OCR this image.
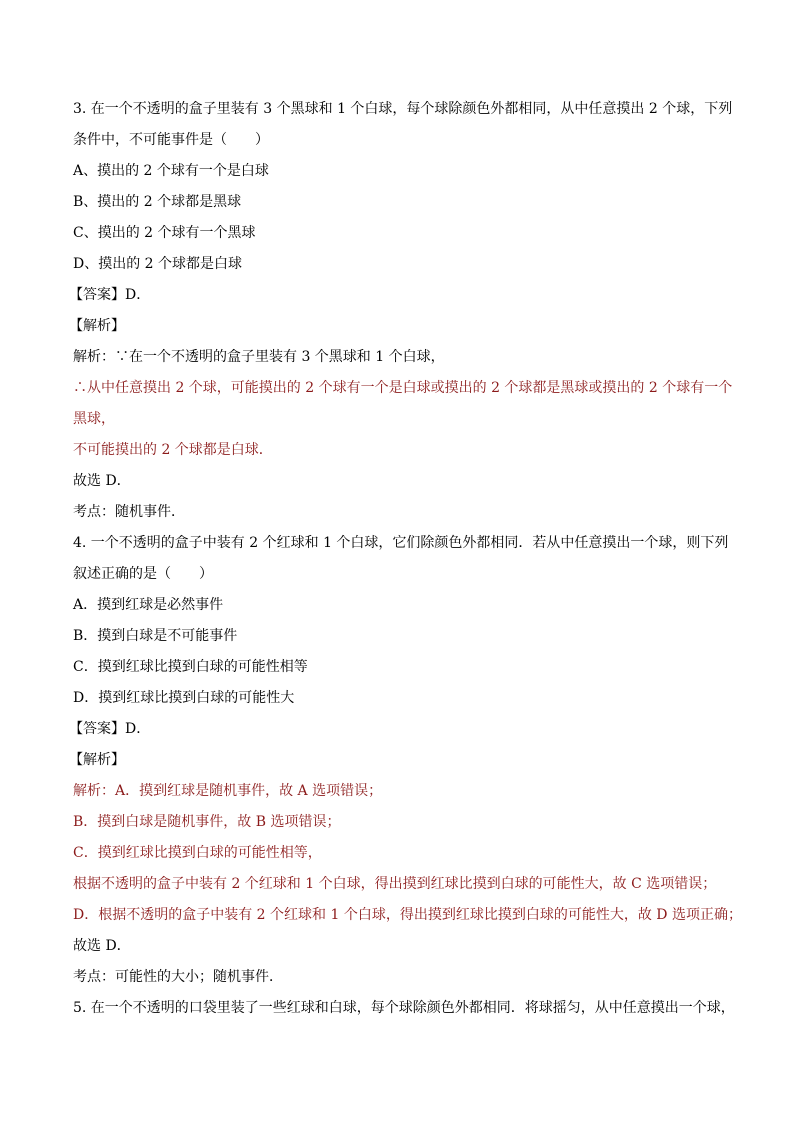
3. 在一个不透明的盒子里装有 3 个黑球和 1 个白球，每个球除颜色外都相同，从中任意摸出 2 个球，下列
条件中，不可能事件是（　　）
A、摸出的 2 个球有一个是白球
B、摸出的 2 个球都是黑球
C、摸出的 2 个球有一个黑球
D、摸出的 2 个球都是白球
【答案】D．
【解析】
解析：∵在一个不透明的盒子里装有 3 个黑球和 1 个白球，
∴从中任意摸出 2 个球，可能摸出的 2 个球有一个是白球或摸出的 2 个球都是黑球或摸出的 2 个球有一个
黑球，
不可能摸出的 2 个球都是白球．
故选 D．
考点：随机事件．
4. 一个不透明的盒子中装有 2 个红球和 1 个白球，它们除颜色外都相同．若从中任意摸出一个球，则下列
叙述正确的是（　　）
A．摸到红球是必然事件
B．摸到白球是不可能事件
C．摸到红球比摸到白球的可能性相等
D．摸到红球比摸到白球的可能性大
【答案】D．
【解析】
解析：A．摸到红球是随机事件，故 A 选项错误；
B．摸到白球是随机事件，故 B 选项错误；
C．摸到红球比摸到白球的可能性相等，
根据不透明的盒子中装有 2 个红球和 1 个白球，得出摸到红球比摸到白球的可能性大，故 C 选项错误；
D．根据不透明的盒子中装有 2 个红球和 1 个白球，得出摸到红球比摸到白球的可能性大，故 D 选项正确；
故选 D．
考点：可能性的大小；随机事件．
5. 在一个不透明的口袋里装了一些红球和白球，每个球除颜色外都相同．将球摇匀，从中任意摸出一个球，
